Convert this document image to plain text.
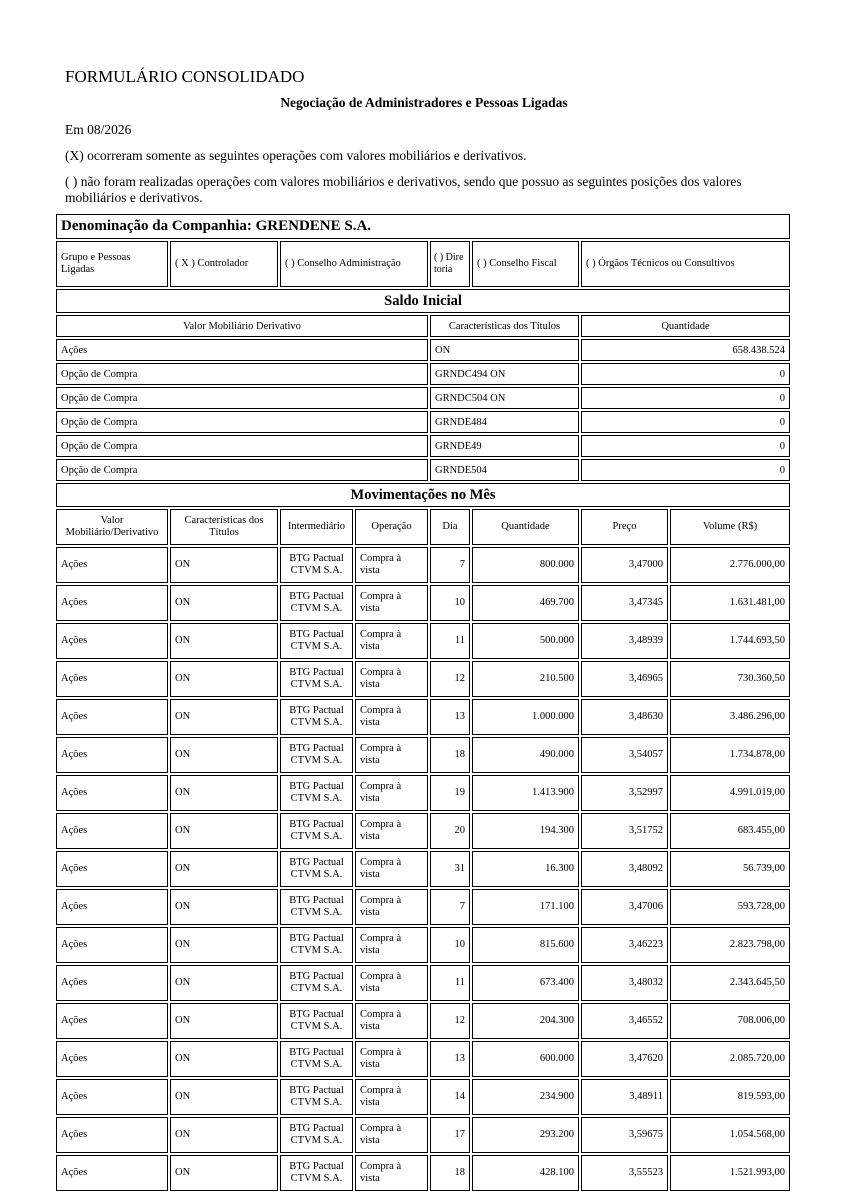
FORMULÁRIO CONSOLIDADO
Negociação de Administradores e Pessoas Ligadas
Em 08/2026
(X) ocorreram somente as seguintes operações com valores mobiliários e derivativos.
( ) não foram realizadas operações com valores mobiliários e derivativos, sendo que possuo as seguintes posições dos valores mobiliários e derivativos.
Denominação da Companhia: GRENDENE S.A.							
Grupo e Pessoas Ligadas	( X ) Controlador	( ) Conselho Administração		( ) Diretoria	( ) Conselho Fiscal	( ) Órgãos Técnicos ou Consultivos	
Saldo Inicial							
Valor Mobiliário Derivativo				Características dos Títulos		Quantidade	
Ações				ON		658.438.524	
Opção de Compra				GRNDC494 ON		0	
Opção de Compra				GRNDC504 ON		0	
Opção de Compra				GRNDE484		0	
Opção de Compra				GRNDE49		0	
Opção de Compra				GRNDE504		0	
Movimentações no Mês							
Valor Mobiliário/Derivativo	Características dos Títulos	Intermediário	Operação	Dia	Quantidade	Preço	Volume (R$)
Ações	ON	BTG Pactual CTVM S.A.	Compra à vista	7	800.000	3,47000	2.776.000,00
Ações	ON	BTG Pactual CTVM S.A.	Compra à vista	10	469.700	3,47345	1.631.481,00
Ações	ON	BTG Pactual CTVM S.A.	Compra à vista	11	500.000	3,48939	1.744.693,50
Ações	ON	BTG Pactual CTVM S.A.	Compra à vista	12	210.500	3,46965	730.360,50
Ações	ON	BTG Pactual CTVM S.A.	Compra à vista	13	1.000.000	3,48630	3.486.296,00
Ações	ON	BTG Pactual CTVM S.A.	Compra à vista	18	490.000	3,54057	1.734.878,00
Ações	ON	BTG Pactual CTVM S.A.	Compra à vista	19	1.413.900	3,52997	4.991.019,00
Ações	ON	BTG Pactual CTVM S.A.	Compra à vista	20	194.300	3,51752	683.455,00
Ações	ON	BTG Pactual CTVM S.A.	Compra à vista	31	16.300	3,48092	56.739,00
Ações	ON	BTG Pactual CTVM S.A.	Compra à vista	7	171.100	3,47006	593.728,00
Ações	ON	BTG Pactual CTVM S.A.	Compra à vista	10	815.600	3,46223	2.823.798,00
Ações	ON	BTG Pactual CTVM S.A.	Compra à vista	11	673.400	3,48032	2.343.645,50
Ações	ON	BTG Pactual CTVM S.A.	Compra à vista	12	204.300	3,46552	708.006,00
Ações	ON	BTG Pactual CTVM S.A.	Compra à vista	13	600.000	3,47620	2.085.720,00
Ações	ON	BTG Pactual CTVM S.A.	Compra à vista	14	234.900	3,48911	819.593,00
Ações	ON	BTG Pactual CTVM S.A.	Compra à vista	17	293.200	3,59675	1.054.568,00
Ações	ON	BTG Pactual CTVM S.A.	Compra à vista	18	428.100	3,55523	1.521.993,00
